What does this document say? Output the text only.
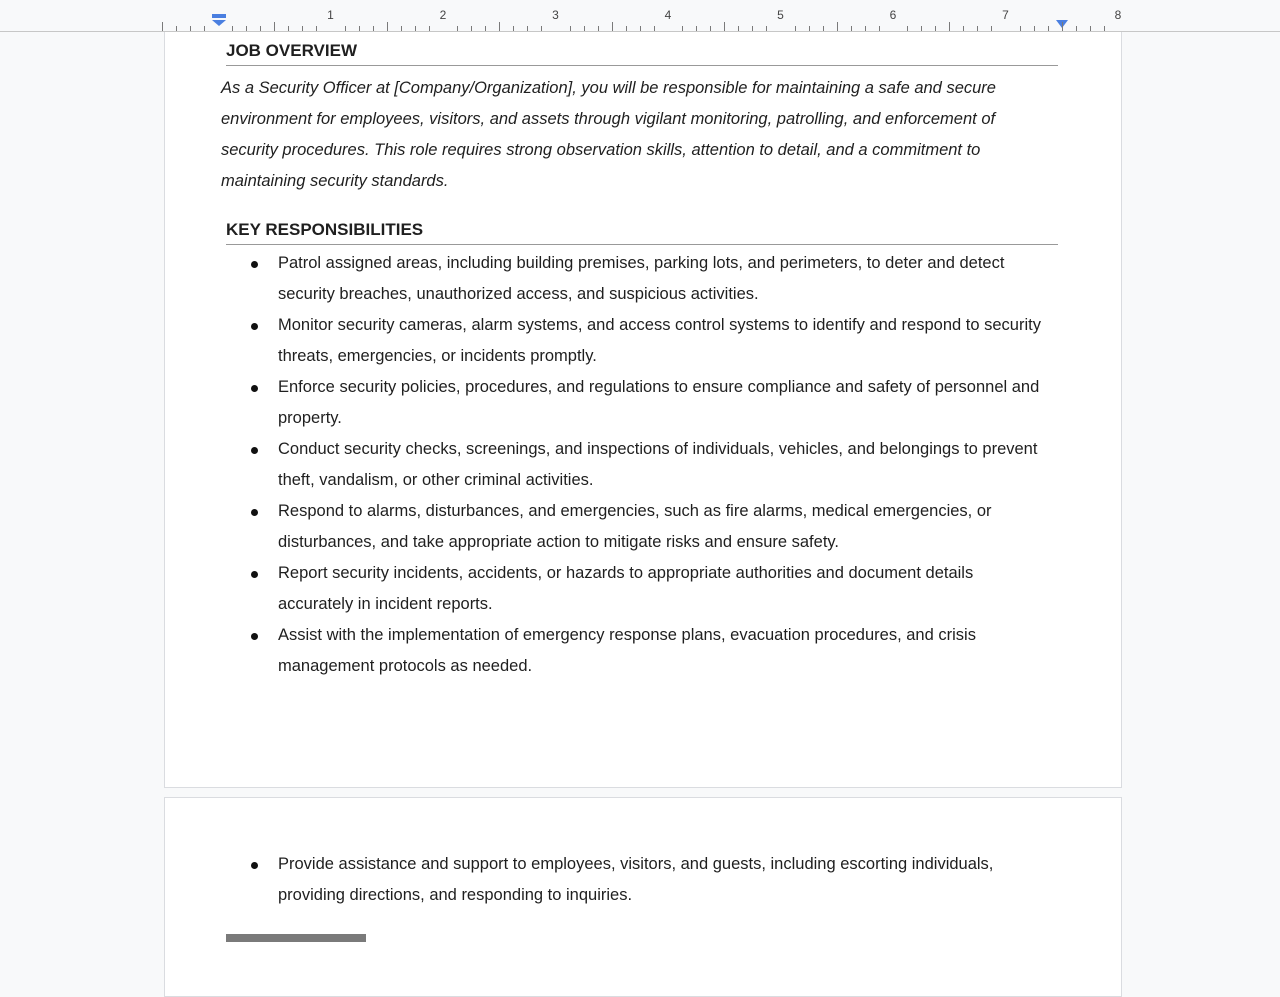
1	2	3	4	5	6	7	8
JOB OVERVIEW
As a Security Officer at [Company/Organization], you will be responsible for maintaining a safe and secure environment for employees, visitors, and assets through vigilant monitoring, patrolling, and enforcement of security procedures. This role requires strong observation skills, attention to detail, and a commitment to maintaining security standards.
KEY RESPONSIBILITIES
Patrol assigned areas, including building premises, parking lots, and perimeters, to deter and detect security breaches, unauthorized access, and suspicious activities.
Monitor security cameras, alarm systems, and access control systems to identify and respond to security threats, emergencies, or incidents promptly.
Enforce security policies, procedures, and regulations to ensure compliance and safety of personnel and property.
Conduct security checks, screenings, and inspections of individuals, vehicles, and belongings to prevent theft, vandalism, or other criminal activities.
Respond to alarms, disturbances, and emergencies, such as fire alarms, medical emergencies, or disturbances, and take appropriate action to mitigate risks and ensure safety.
Report security incidents, accidents, or hazards to appropriate authorities and document details accurately in incident reports.
Assist with the implementation of emergency response plans, evacuation procedures, and crisis management protocols as needed.
Provide assistance and support to employees, visitors, and guests, including escorting individuals, providing directions, and responding to inquiries.
